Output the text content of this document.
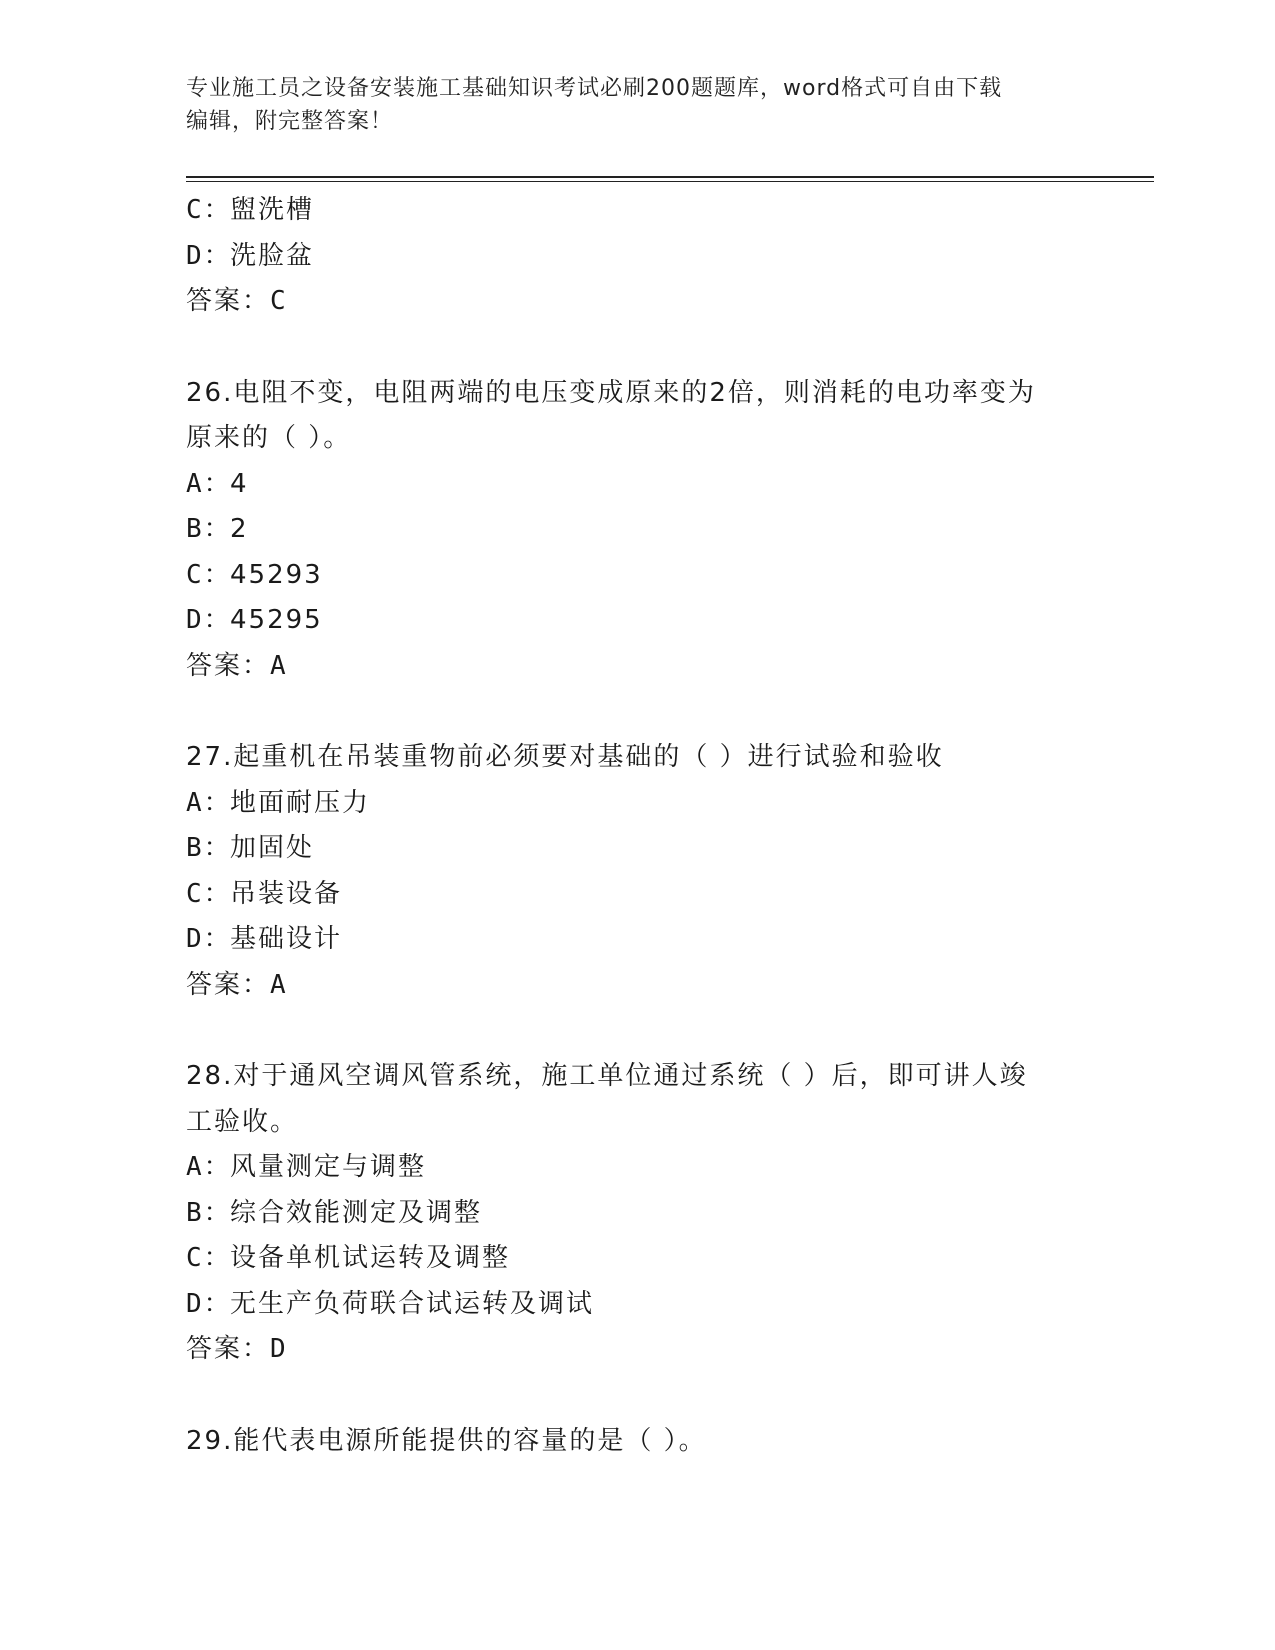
专业施工员之设备安装施工基础知识考试必刷200题题库，word格式可自由下载
编辑，附完整答案！
C：盥洗槽
D：洗脸盆
答案：C
26.电阻不变，电阻两端的电压变成原来的2倍，则消耗的电功率变为
原来的（ ）。
A：4
B：2
C：45293
D：45295
答案：A
27.起重机在吊装重物前必须要对基础的（ ）进行试验和验收
A：地面耐压力
B：加固处
C：吊装设备
D：基础设计
答案：A
28.对于通风空调风管系统，施工单位通过系统（ ）后，即可讲人竣
工验收。
A：风量测定与调整
B：综合效能测定及调整
C：设备单机试运转及调整
D：无生产负荷联合试运转及调试
答案：D
29.能代表电源所能提供的容量的是（ ）。
